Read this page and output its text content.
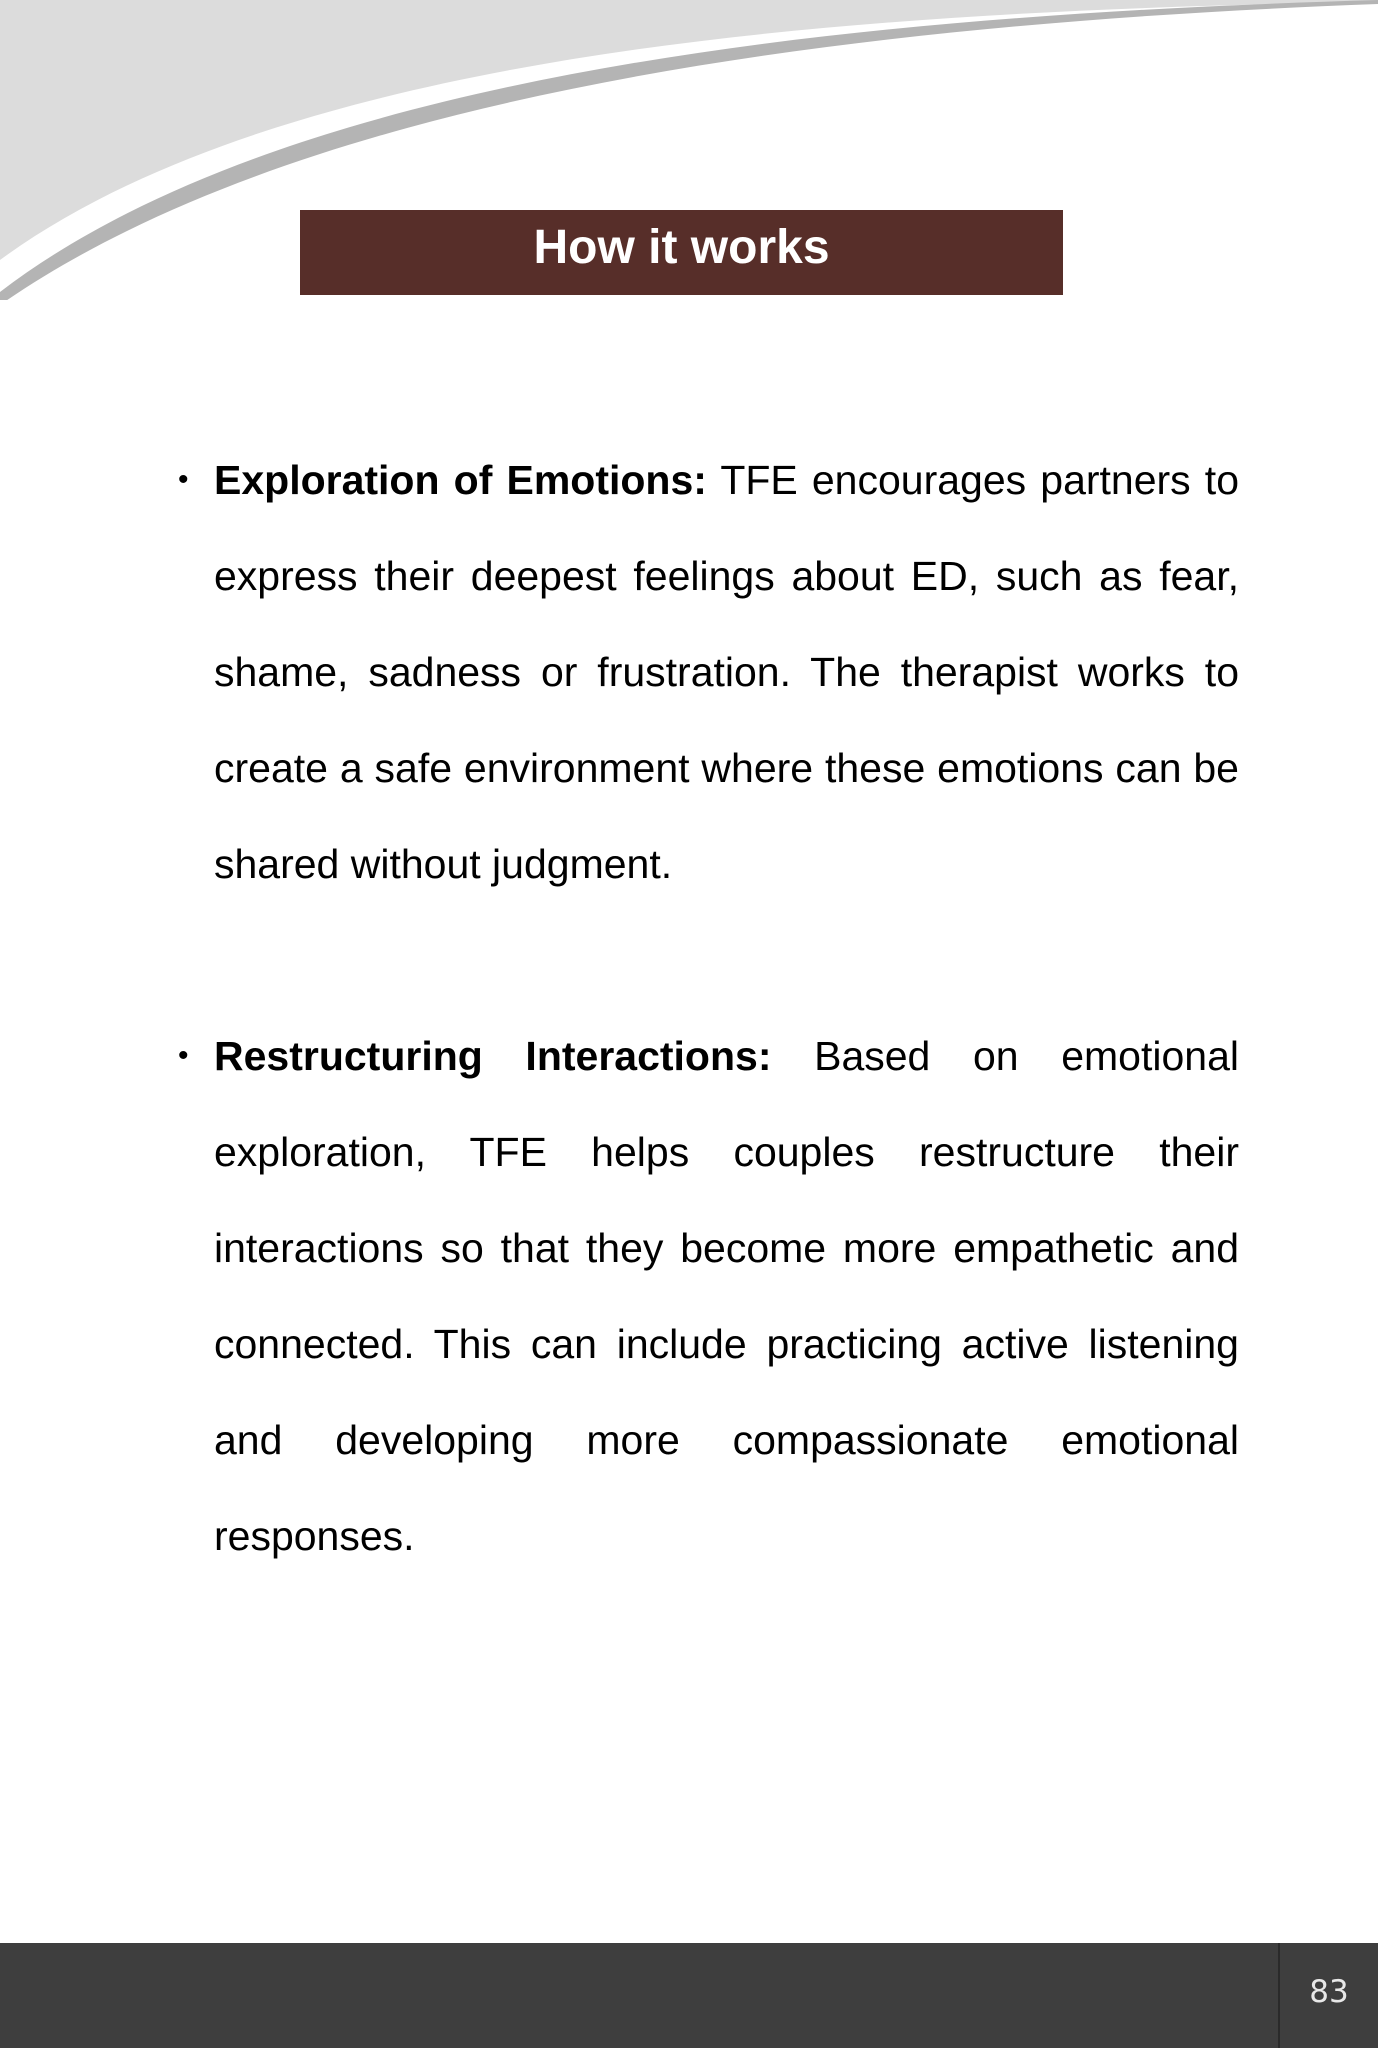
How it works
• Exploration of Emotions: TFE encourages partners to express their deepest feelings about ED, such as fear, shame, sadness or frustration. The therapist works to create a safe environment where these emotions can be shared without judgment.
• Restructuring Interactions: Based on emotional exploration, TFE helps couples restructure their interactions so that they become more empathetic and connected. This can include practicing active listening and developing more compassionate emotional responses.
83
